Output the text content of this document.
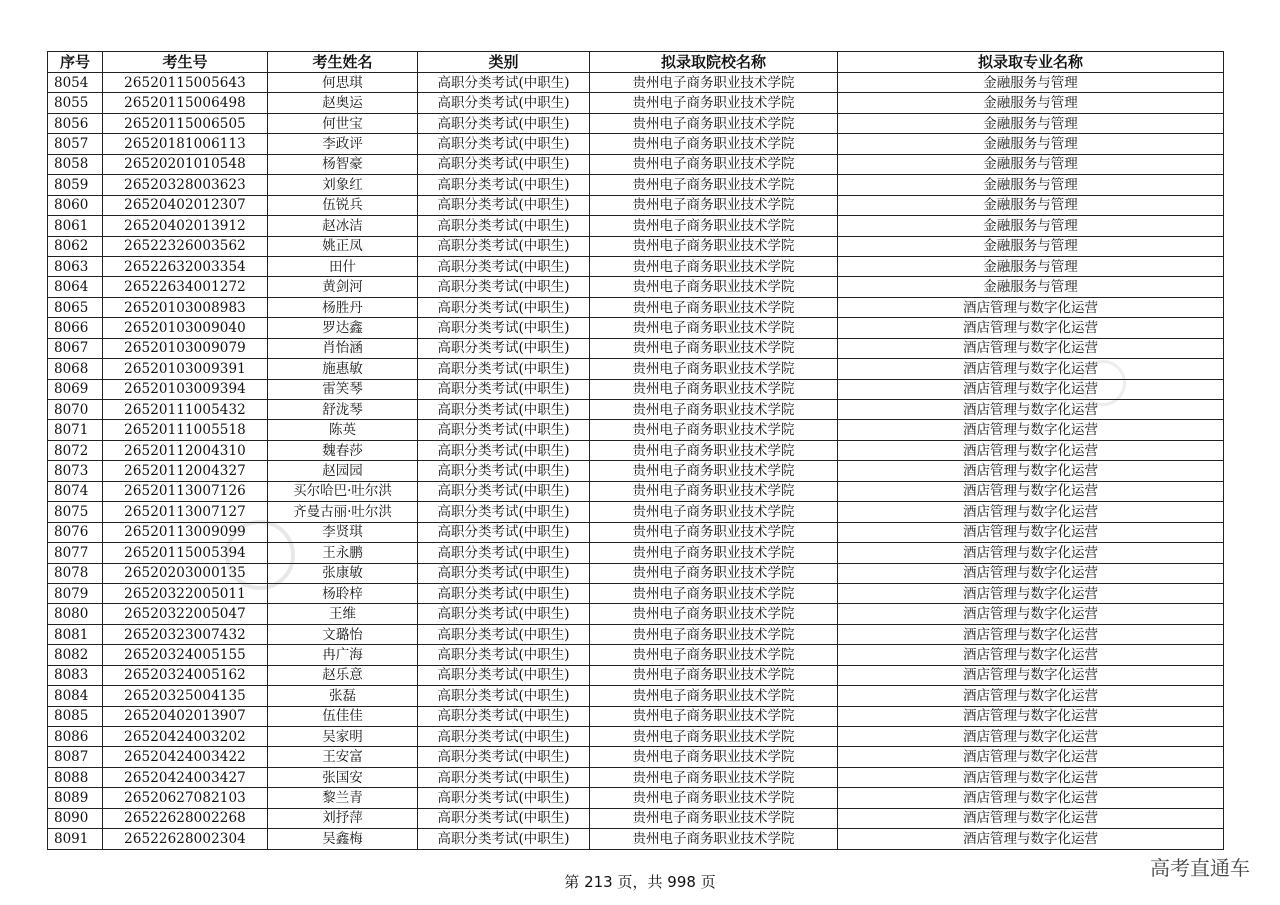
序号	考生号	考生姓名	类别	拟录取院校名称	拟录取专业名称
8054	26520115005643	何思琪	高职分类考试(中职生)	贵州电子商务职业技术学院	金融服务与管理
8055	26520115006498	赵奥运	高职分类考试(中职生)	贵州电子商务职业技术学院	金融服务与管理
8056	26520115006505	何世宝	高职分类考试(中职生)	贵州电子商务职业技术学院	金融服务与管理
8057	26520181006113	李政评	高职分类考试(中职生)	贵州电子商务职业技术学院	金融服务与管理
8058	26520201010548	杨智豪	高职分类考试(中职生)	贵州电子商务职业技术学院	金融服务与管理
8059	26520328003623	刘象红	高职分类考试(中职生)	贵州电子商务职业技术学院	金融服务与管理
8060	26520402012307	伍锐兵	高职分类考试(中职生)	贵州电子商务职业技术学院	金融服务与管理
8061	26520402013912	赵冰洁	高职分类考试(中职生)	贵州电子商务职业技术学院	金融服务与管理
8062	26522326003562	姚正凤	高职分类考试(中职生)	贵州电子商务职业技术学院	金融服务与管理
8063	26522632003354	田什	高职分类考试(中职生)	贵州电子商务职业技术学院	金融服务与管理
8064	26522634001272	黄剑河	高职分类考试(中职生)	贵州电子商务职业技术学院	金融服务与管理
8065	26520103008983	杨胜丹	高职分类考试(中职生)	贵州电子商务职业技术学院	酒店管理与数字化运营
8066	26520103009040	罗达鑫	高职分类考试(中职生)	贵州电子商务职业技术学院	酒店管理与数字化运营
8067	26520103009079	肖怡涵	高职分类考试(中职生)	贵州电子商务职业技术学院	酒店管理与数字化运营
8068	26520103009391	施惠敏	高职分类考试(中职生)	贵州电子商务职业技术学院	酒店管理与数字化运营
8069	26520103009394	雷笑琴	高职分类考试(中职生)	贵州电子商务职业技术学院	酒店管理与数字化运营
8070	26520111005432	舒泷琴	高职分类考试(中职生)	贵州电子商务职业技术学院	酒店管理与数字化运营
8071	26520111005518	陈英	高职分类考试(中职生)	贵州电子商务职业技术学院	酒店管理与数字化运营
8072	26520112004310	魏春莎	高职分类考试(中职生)	贵州电子商务职业技术学院	酒店管理与数字化运营
8073	26520112004327	赵园园	高职分类考试(中职生)	贵州电子商务职业技术学院	酒店管理与数字化运营
8074	26520113007126	买尔哈巴·吐尔洪	高职分类考试(中职生)	贵州电子商务职业技术学院	酒店管理与数字化运营
8075	26520113007127	齐曼古丽·吐尔洪	高职分类考试(中职生)	贵州电子商务职业技术学院	酒店管理与数字化运营
8076	26520113009099	李贤琪	高职分类考试(中职生)	贵州电子商务职业技术学院	酒店管理与数字化运营
8077	26520115005394	王永鹏	高职分类考试(中职生)	贵州电子商务职业技术学院	酒店管理与数字化运营
8078	26520203000135	张康敏	高职分类考试(中职生)	贵州电子商务职业技术学院	酒店管理与数字化运营
8079	26520322005011	杨聆梓	高职分类考试(中职生)	贵州电子商务职业技术学院	酒店管理与数字化运营
8080	26520322005047	王维	高职分类考试(中职生)	贵州电子商务职业技术学院	酒店管理与数字化运营
8081	26520323007432	文璐怡	高职分类考试(中职生)	贵州电子商务职业技术学院	酒店管理与数字化运营
8082	26520324005155	冉广海	高职分类考试(中职生)	贵州电子商务职业技术学院	酒店管理与数字化运营
8083	26520324005162	赵乐意	高职分类考试(中职生)	贵州电子商务职业技术学院	酒店管理与数字化运营
8084	26520325004135	张磊	高职分类考试(中职生)	贵州电子商务职业技术学院	酒店管理与数字化运营
8085	26520402013907	伍佳佳	高职分类考试(中职生)	贵州电子商务职业技术学院	酒店管理与数字化运营
8086	26520424003202	吴家明	高职分类考试(中职生)	贵州电子商务职业技术学院	酒店管理与数字化运营
8087	26520424003422	王安富	高职分类考试(中职生)	贵州电子商务职业技术学院	酒店管理与数字化运营
8088	26520424003427	张国安	高职分类考试(中职生)	贵州电子商务职业技术学院	酒店管理与数字化运营
8089	26520627082103	黎兰青	高职分类考试(中职生)	贵州电子商务职业技术学院	酒店管理与数字化运营
8090	26522628002268	刘抒萍	高职分类考试(中职生)	贵州电子商务职业技术学院	酒店管理与数字化运营
8091	26522628002304	吴鑫梅	高职分类考试(中职生)	贵州电子商务职业技术学院	酒店管理与数字化运营
第 213 页，共 998 页
高考直通车
